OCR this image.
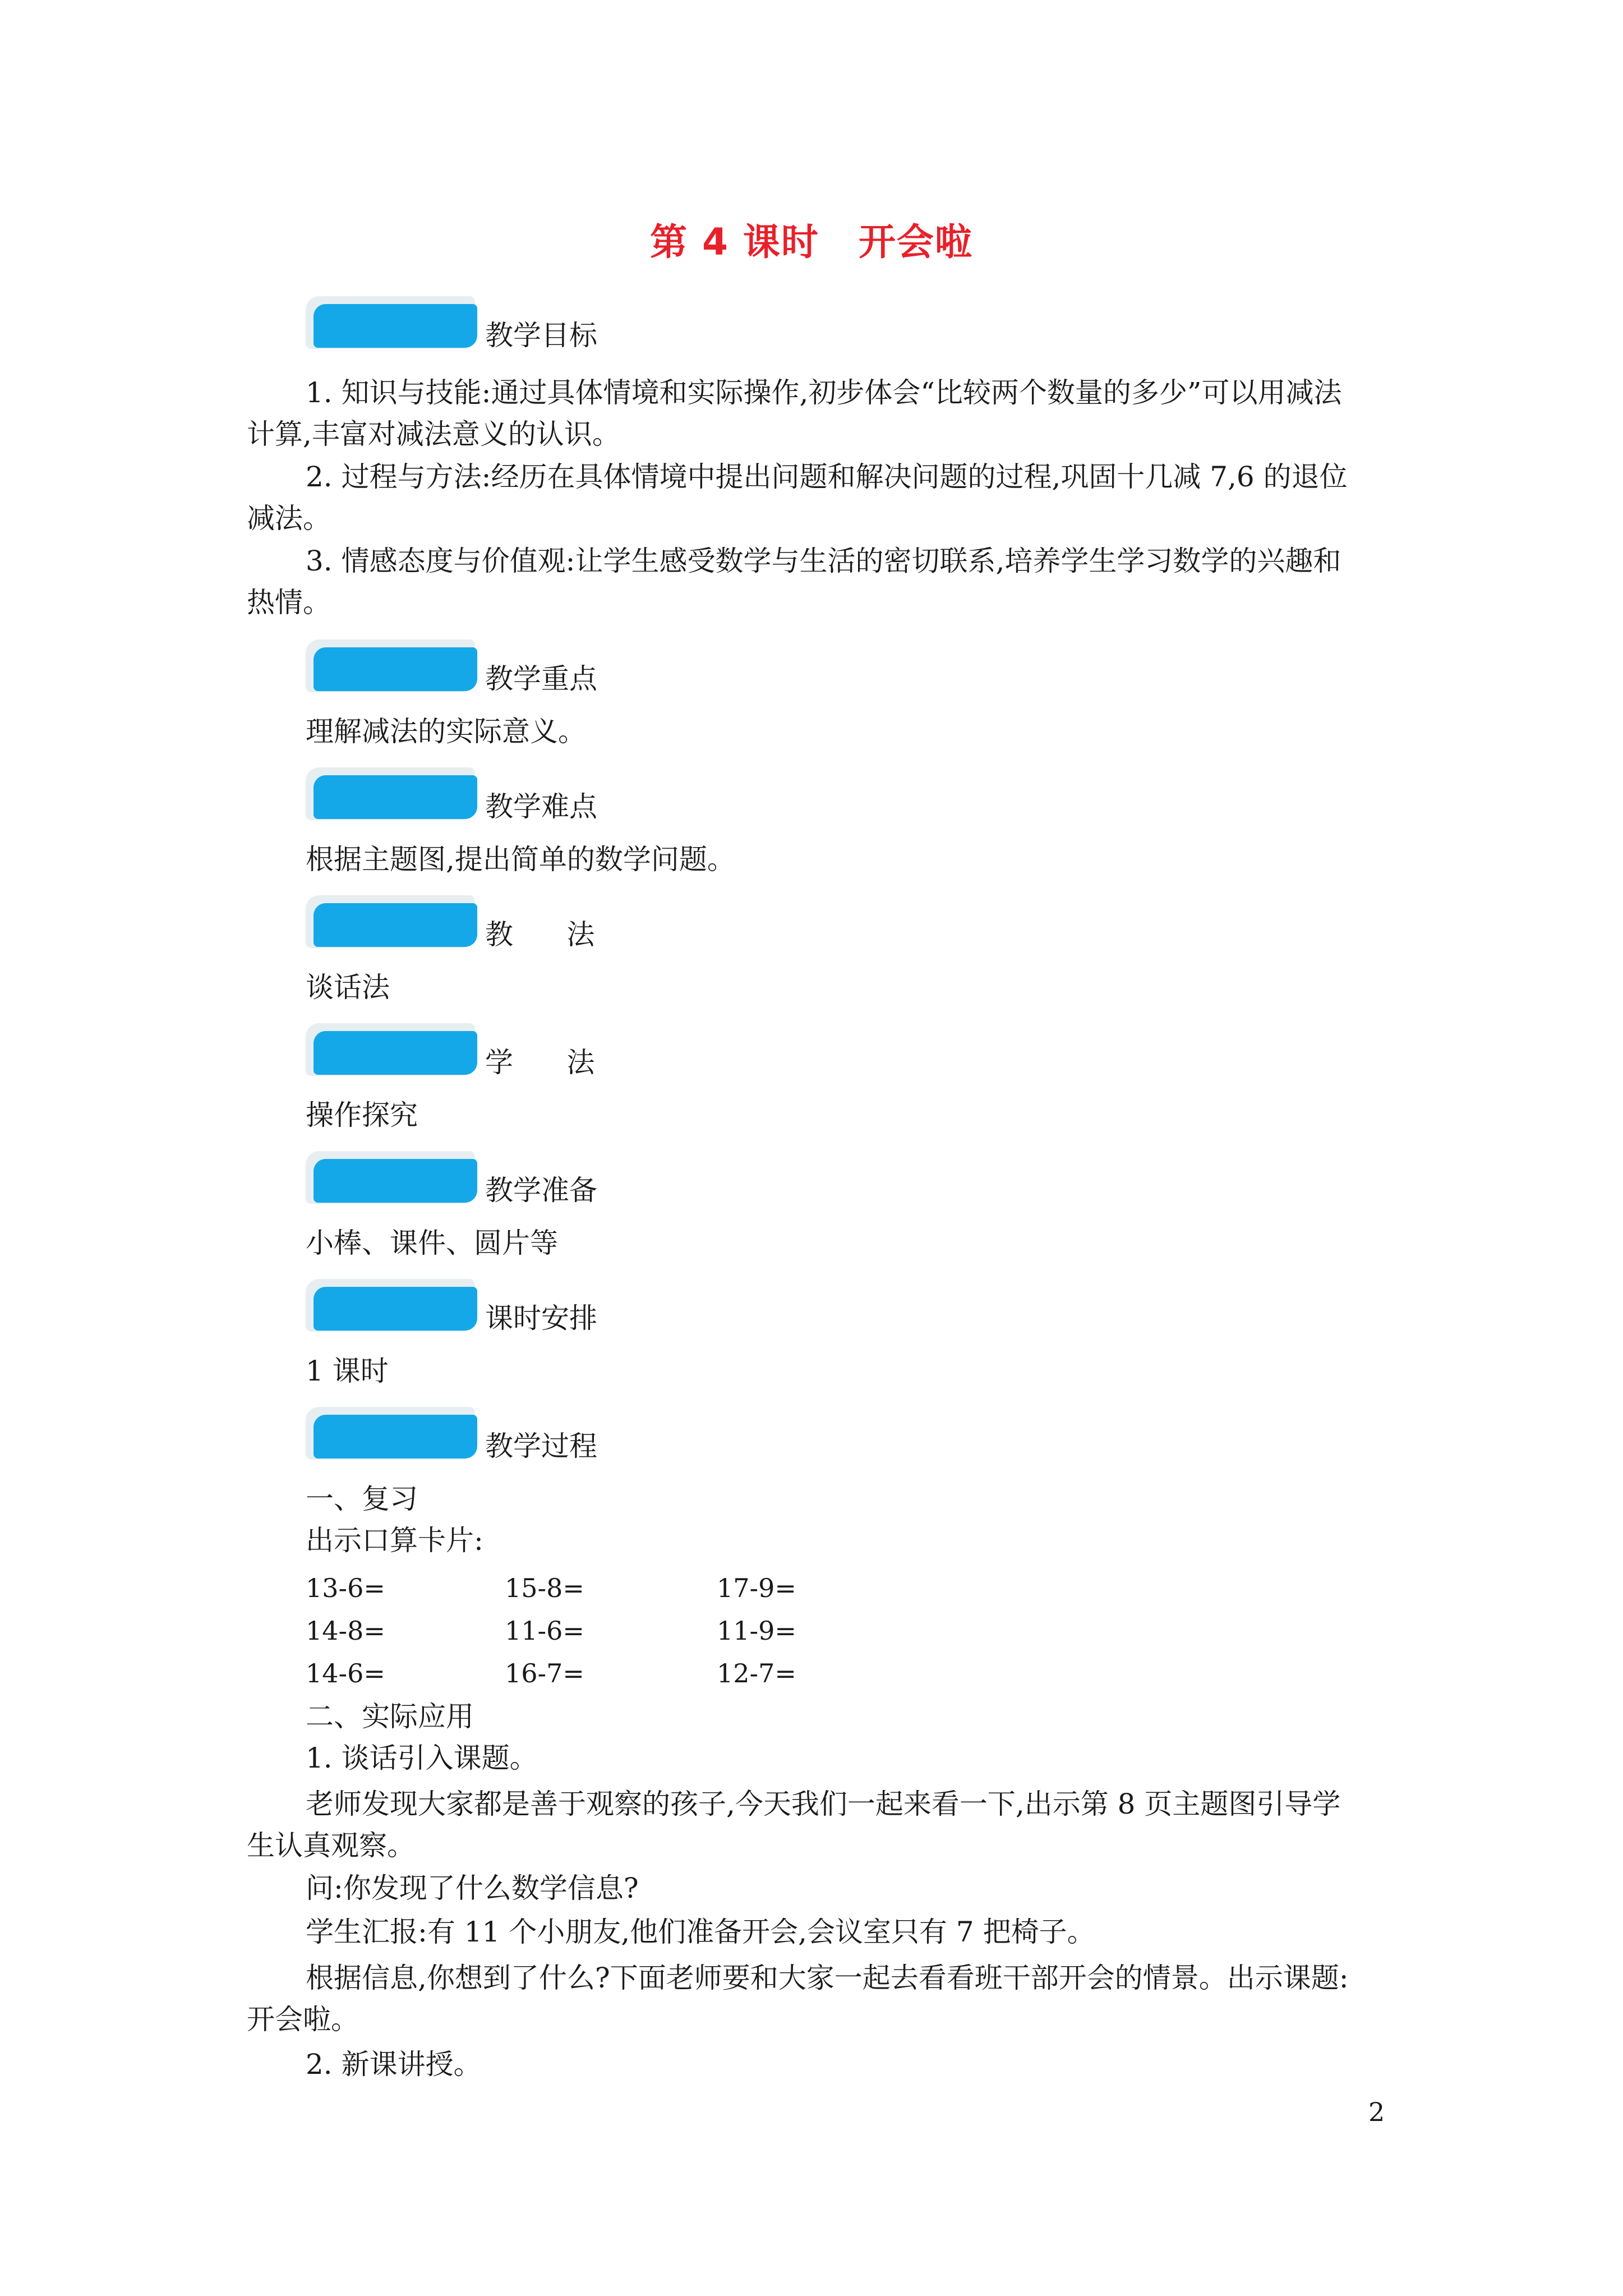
第 4 课时 开会啦
教学目标
1. 知识与技能:通过具体情境和实际操作,初步体会“比较两个数量的多少”可以用减法
计算,丰富对减法意义的认识。
2. 过程与方法:经历在具体情境中提出问题和解决问题的过程,巩固十几减 7,6 的退位
减法。
3. 情感态度与价值观:让学生感受数学与生活的密切联系,培养学生学习数学的兴趣和
热情。
教学重点
理解减法的实际意义。
教学难点
根据主题图,提出简单的数学问题。
教      法
谈话法
学      法
操作探究
教学准备
小棒、课件、圆片等
课时安排
1 课时
教学过程
一、复习
出示口算卡片:
13-6=	15-8=	17-9=
14-8=	11-6=	11-9=
14-6=	16-7=	12-7=
二、实际应用
1. 谈话引入课题。
老师发现大家都是善于观察的孩子,今天我们一起来看一下,出示第 8 页主题图引导学
生认真观察。
问:你发现了什么数学信息?
学生汇报:有 11 个小朋友,他们准备开会,会议室只有 7 把椅子。
根据信息,你想到了什么?下面老师要和大家一起去看看班干部开会的情景。出示课题:
开会啦。
2. 新课讲授。
2
